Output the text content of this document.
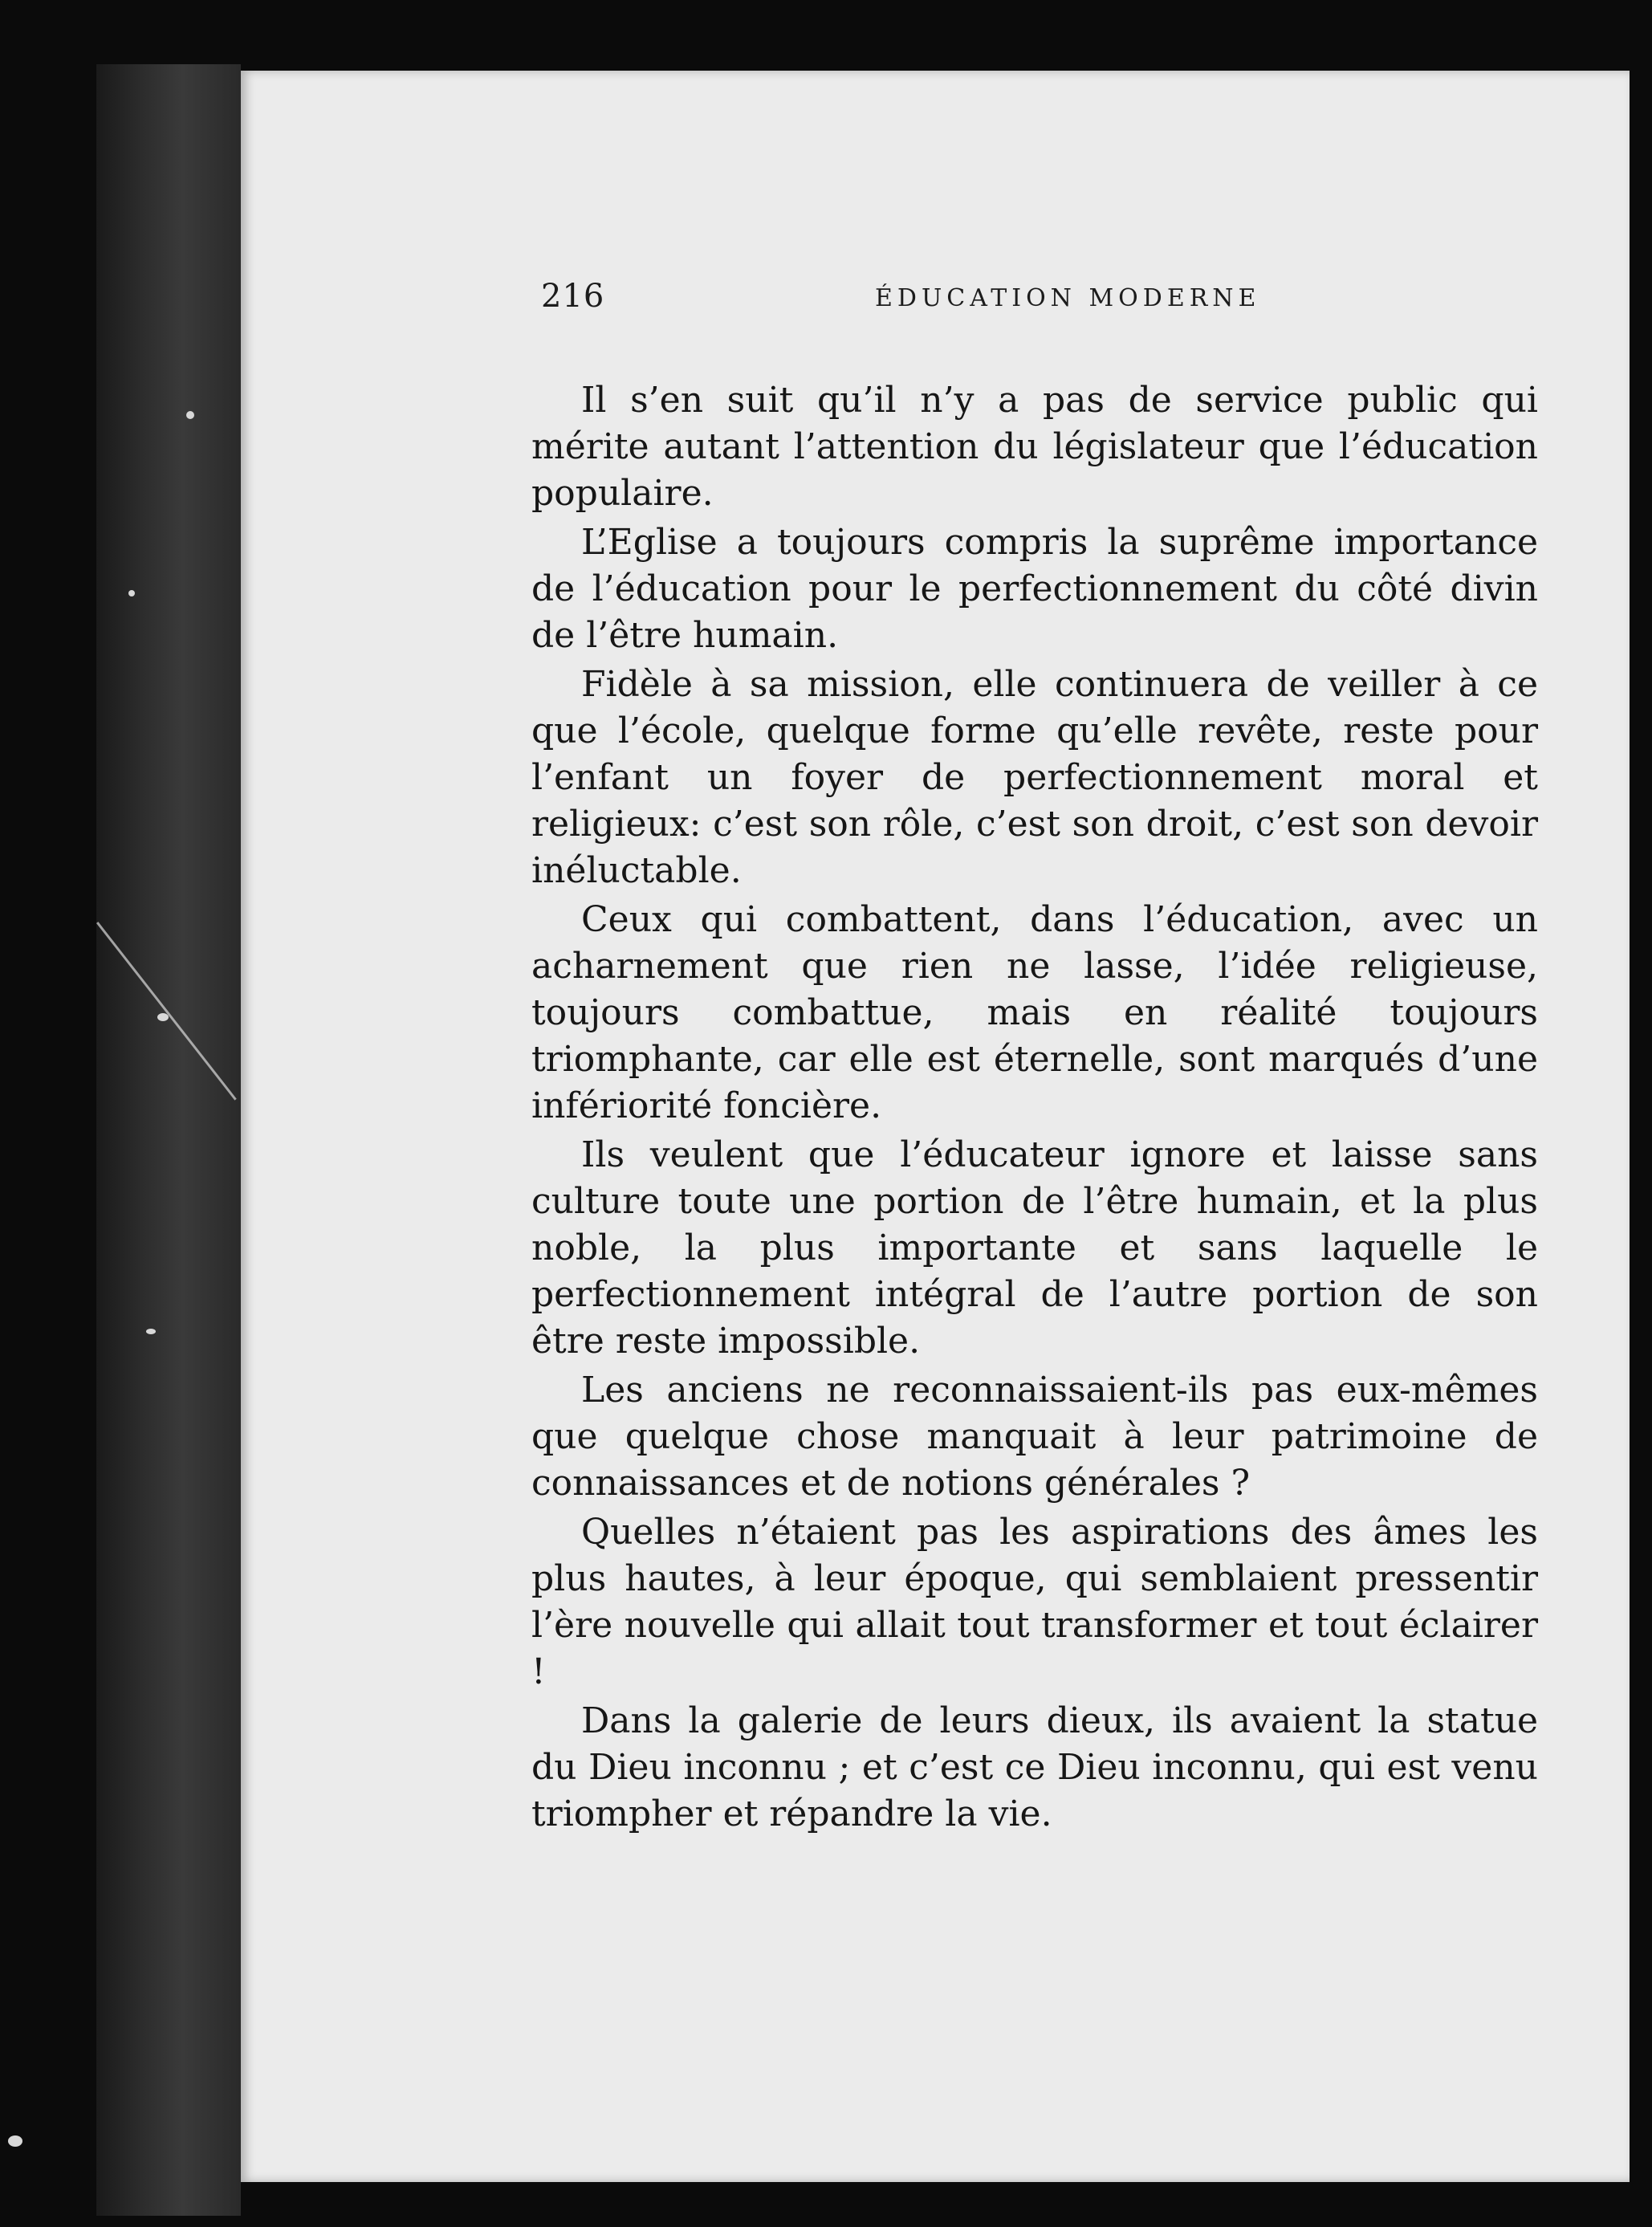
216	ÉDUCATION MODERNE

Il s’en suit qu’il n’y a pas de service public qui mérite autant l’attention du législateur que l’éducation populaire.

L’Eglise a toujours compris la suprême importance de l’éducation pour le perfectionnement du côté divin de l’être humain.

Fidèle à sa mission, elle continuera de veiller à ce que l’école, quelque forme qu’elle revête, reste pour l’enfant un foyer de perfectionnement moral et religieux: c’est son rôle, c’est son droit, c’est son devoir inéluctable.

Ceux qui combattent, dans l’éducation, avec un acharnement que rien ne lasse, l’idée religieuse, toujours combattue, mais en réalité toujours triomphante, car elle est éternelle, sont marqués d’une infériorité foncière.

Ils veulent que l’éducateur ignore et laisse sans culture toute une portion de l’être humain, et la plus noble, la plus importante et sans laquelle le perfectionnement intégral de l’autre portion de son être reste impossible.

Les anciens ne reconnaissaient-ils pas eux-mêmes que quelque chose manquait à leur patrimoine de connaissances et de notions générales ?

Quelles n’étaient pas les aspirations des âmes les plus hautes, à leur époque, qui semblaient pressentir l’ère nouvelle qui allait tout transformer et tout éclairer !

Dans la galerie de leurs dieux, ils avaient la statue du Dieu inconnu ; et c’est ce Dieu inconnu, qui est venu triompher et répandre la vie.
